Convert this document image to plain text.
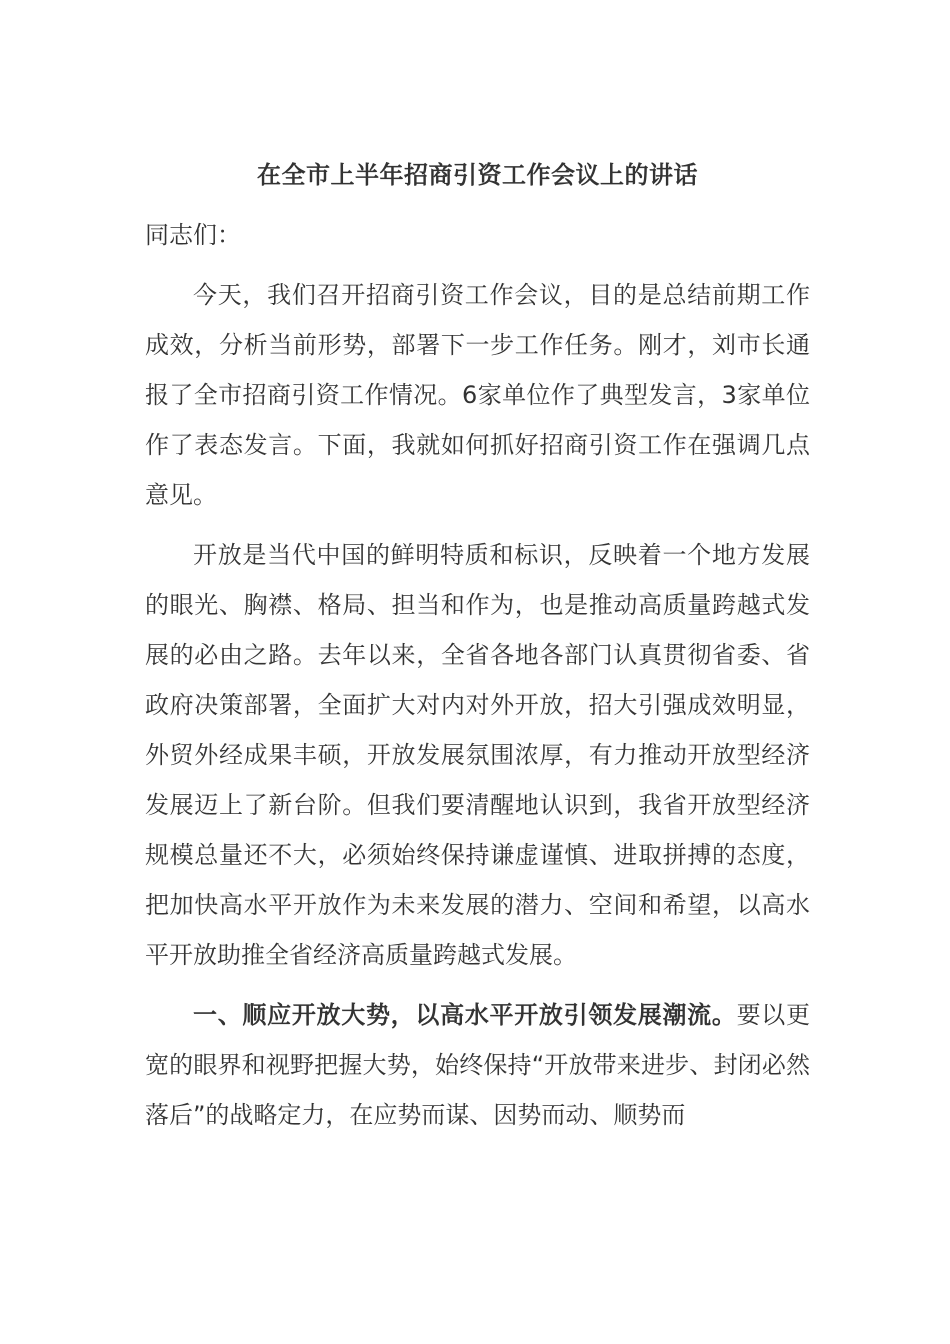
在全市上半年招商引资工作会议上的讲话
同志们：

今天，我们召开招商引资工作会议，目的是总结前期工作成效，分析当前形势，部署下一步工作任务。刚才，刘市长通报了全市招商引资工作情况。6家单位作了典型发言，3家单位作了表态发言。下面，我就如何抓好招商引资工作在强调几点意见。

开放是当代中国的鲜明特质和标识，反映着一个地方发展的眼光、胸襟、格局、担当和作为，也是推动高质量跨越式发展的必由之路。去年以来，全省各地各部门认真贯彻省委、省政府决策部署，全面扩大对内对外开放，招大引强成效明显，外贸外经成果丰硕，开放发展氛围浓厚，有力推动开放型经济发展迈上了新台阶。但我们要清醒地认识到，我省开放型经济规模总量还不大，必须始终保持谦虚谨慎、进取拼搏的态度，把加快高水平开放作为未来发展的潜力、空间和希望，以高水平开放助推全省经济高质量跨越式发展。

一、顺应开放大势，以高水平开放引领发展潮流。要以更宽的眼界和视野把握大势，始终保持“开放带来进步、封闭必然落后”的战略定力，在应势而谋、因势而动、顺势而
